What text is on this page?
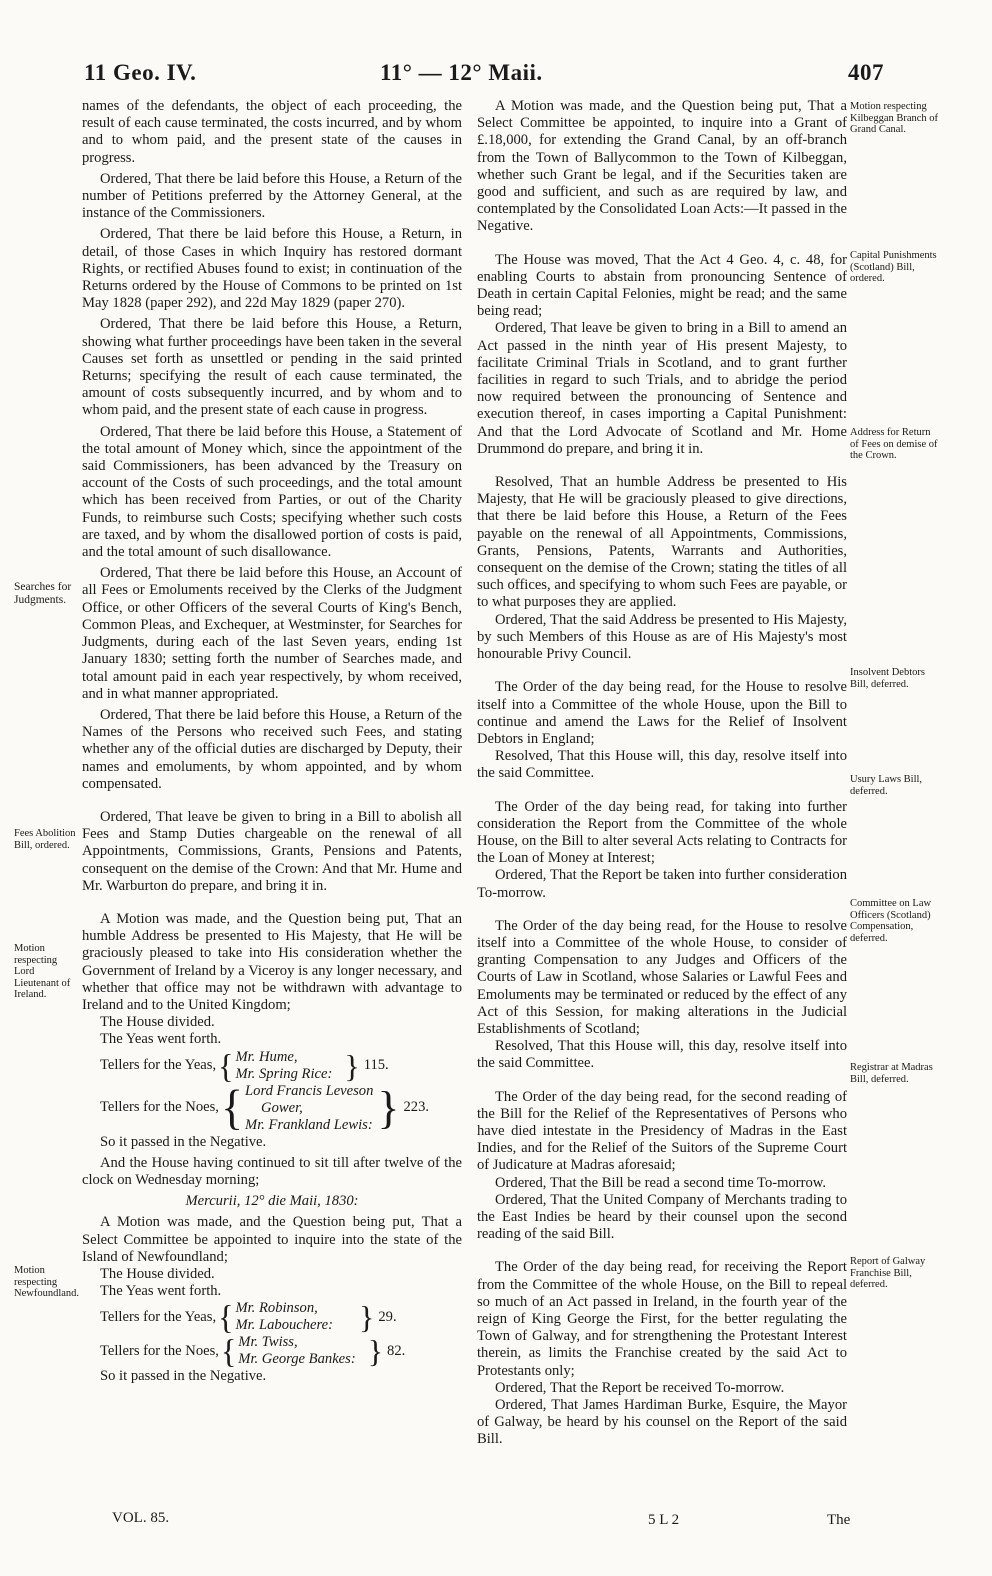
11 Geo. IV.	11° — 12° Maii.	407

names of the defendants, the object of each proceeding, the result of each cause terminated, the costs incurred, and by whom and to whom paid, and the present state of the causes in progress.

Ordered, That there be laid before this House, a Return of the number of Petitions preferred by the Attorney General, at the instance of the Commissioners.

Ordered, That there be laid before this House, a Return, in detail, of those Cases in which Inquiry has restored dormant Rights, or rectified Abuses found to exist; in continuation of the Returns ordered by the House of Commons to be printed on 1st May 1828 (paper 292), and 22d May 1829 (paper 270).

Ordered, That there be laid before this House, a Return, showing what further proceedings have been taken in the several Causes set forth as unsettled or pending in the said printed Returns; specifying the result of each cause terminated, the amount of costs subsequently incurred, and by whom and to whom paid, and the present state of each cause in progress.

Ordered, That there be laid before this House, a Statement of the total amount of Money which, since the appointment of the said Commissioners, has been advanced by the Treasury on account of the Costs of such proceedings, and the total amount which has been received from Parties, or out of the Charity Funds, to reimburse such Costs; specifying whether such costs are taxed, and by whom the disallowed portion of costs is paid, and the total amount of such disallowance.

Ordered, That there be laid before this House, an Account of all Fees or Emoluments received by the Clerks of the Judgment Office, or other Officers of the several Courts of King's Bench, Common Pleas, and Exchequer, at Westminster, for Searches for Judgments, during each of the last Seven years, ending 1st January 1830; setting forth the number of Searches made, and total amount paid in each year respectively, by whom received, and in what manner appropriated.

Ordered, That there be laid before this House, a Return of the Names of the Persons who received such Fees, and stating whether any of the official duties are discharged by Deputy, their names and emoluments, by whom appointed, and by whom compensated.

Ordered, That leave be given to bring in a Bill to abolish all Fees and Stamp Duties chargeable on the renewal of all Appointments, Commissions, Grants, Pensions and Patents, consequent on the demise of the Crown: And that Mr. Hume and Mr. Warburton do prepare, and bring it in.

A Motion was made, and the Question being put, That an humble Address be presented to His Majesty, that He will be graciously pleased to take into His consideration whether the Government of Ireland by a Viceroy is any longer necessary, and whether that office may not be withdrawn with advantage to Ireland and to the United Kingdom;

The House divided.

The Yeas went forth.

Tellers for the Yeas, { Mr. Hume,
Mr. Spring Rice: } 115.
Tellers for the Noes, { Lord Francis Leveson
Gower,
Mr. Frankland Lewis: } 223.

So it passed in the Negative.

And the House having continued to sit till after twelve of the clock on Wednesday morning;

Mercurii, 12° die Maii, 1830:

A Motion was made, and the Question being put, That a Select Committee be appointed to inquire into the state of the Island of Newfoundland;

The House divided.

The Yeas went forth.

Tellers for the Yeas, { Mr. Robinson,
Mr. Labouchere: } 29.
Tellers for the Noes, { Mr. Twiss,
Mr. George Bankes: } 82.

So it passed in the Negative.

A Motion was made, and the Question being put, That a Select Committee be appointed, to inquire into a Grant of £.18,000, for extending the Grand Canal, by an off-branch from the Town of Ballycommon to the Town of Kilbeggan, whether such Grant be legal, and if the Securities taken are good and sufficient, and such as are required by law, and contemplated by the Consolidated Loan Acts:—It passed in the Negative.

The House was moved, That the Act 4 Geo. 4, c. 48, for enabling Courts to abstain from pronouncing Sentence of Death in certain Capital Felonies, might be read; and the same being read;

Ordered, That leave be given to bring in a Bill to amend an Act passed in the ninth year of His present Majesty, to facilitate Criminal Trials in Scotland, and to grant further facilities in regard to such Trials, and to abridge the period now required between the pronouncing of Sentence and execution thereof, in cases importing a Capital Punishment: And that the Lord Advocate of Scotland and Mr. Home Drummond do prepare, and bring it in.

Resolved, That an humble Address be presented to His Majesty, that He will be graciously pleased to give directions, that there be laid before this House, a Return of the Fees payable on the renewal of all Appointments, Commissions, Grants, Pensions, Patents, Warrants and Authorities, consequent on the demise of the Crown; stating the titles of all such offices, and specifying to whom such Fees are payable, or to what purposes they are applied.

Ordered, That the said Address be presented to His Majesty, by such Members of this House as are of His Majesty's most honourable Privy Council.

The Order of the day being read, for the House to resolve itself into a Committee of the whole House, upon the Bill to continue and amend the Laws for the Relief of Insolvent Debtors in England;

Resolved, That this House will, this day, resolve itself into the said Committee.

The Order of the day being read, for taking into further consideration the Report from the Committee of the whole House, on the Bill to alter several Acts relating to Contracts for the Loan of Money at Interest;

Ordered, That the Report be taken into further consideration To-morrow.

The Order of the day being read, for the House to resolve itself into a Committee of the whole House, to consider of granting Compensation to any Judges and Officers of the Courts of Law in Scotland, whose Salaries or Lawful Fees and Emoluments may be terminated or reduced by the effect of any Act of this Session, for making alterations in the Judicial Establishments of Scotland;

Resolved, That this House will, this day, resolve itself into the said Committee.

The Order of the day being read, for the second reading of the Bill for the Relief of the Representatives of Persons who have died intestate in the Presidency of Madras in the East Indies, and for the Relief of the Suitors of the Supreme Court of Judicature at Madras aforesaid;

Ordered, That the Bill be read a second time To-morrow.

Ordered, That the United Company of Merchants trading to the East Indies be heard by their counsel upon the second reading of the said Bill.

The Order of the day being read, for receiving the Report from the Committee of the whole House, on the Bill to repeal so much of an Act passed in Ireland, in the fourth year of the reign of King George the First, for the better regulating the Town of Galway, and for strengthening the Protestant Interest therein, as limits the Franchise created by the said Act to Protestants only;

Ordered, That the Report be received To-morrow.

Ordered, That James Hardiman Burke, Esquire, the Mayor of Galway, be heard by his counsel on the Report of the said Bill.

Searches for Judgments.
Fees Abolition Bill, ordered.
Motion respecting Lord Lieutenant of Ireland.
Motion respecting Newfoundland.
Motion respecting Kilbeggan Branch of Grand Canal.
Capital Punishments (Scotland) Bill, ordered.
Address for Return of Fees on demise of the Crown.
Insolvent Debtors Bill, deferred.
Usury Laws Bill, deferred.
Committee on Law Officers (Scotland) Compensation, deferred.
Registrar at Madras Bill, deferred.
Report of Galway Franchise Bill, deferred.
VOL. 85.	5 L 2	The
